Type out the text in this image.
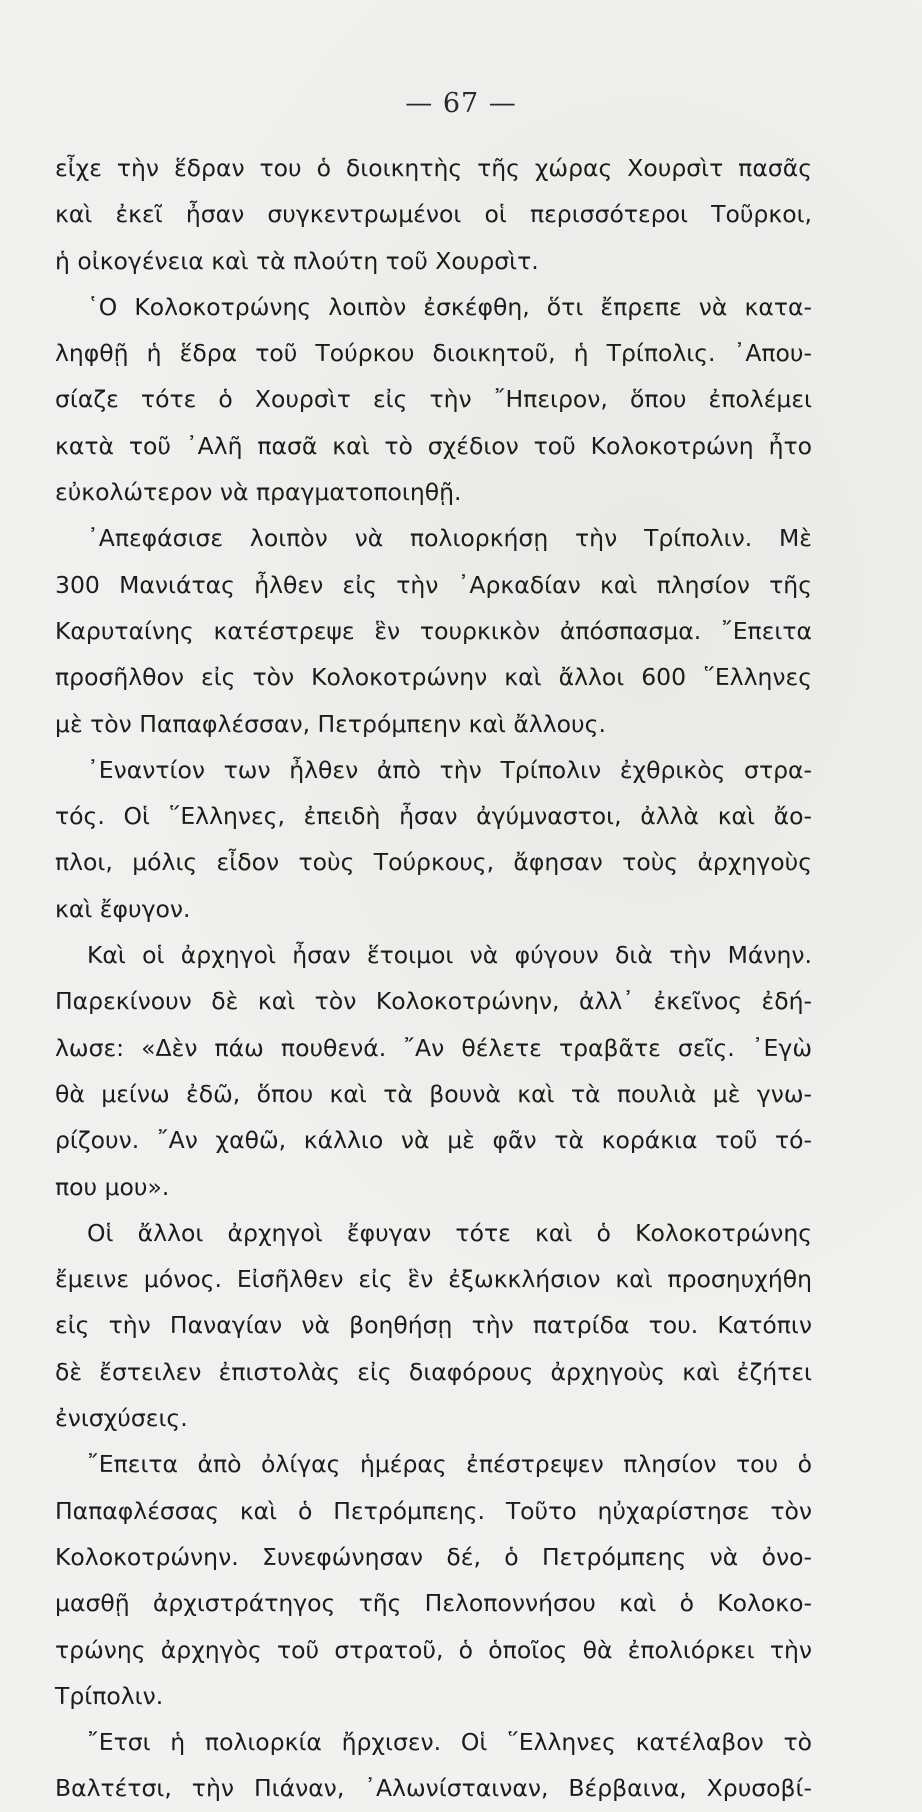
— 67 —
εἶχε τὴν ἕδραν του ὁ διοικητὴς τῆς χώρας Χουρσὶτ πασᾶς
καὶ ἐκεῖ ἦσαν συγκεντρωμένοι οἱ περισσότεροι Τοῦρκοι,
ἡ οἰκογένεια καὶ τὰ πλούτη τοῦ Χουρσὶτ.
῾Ο Κολοκοτρώνης λοιπὸν ἐσκέφθη, ὅτι ἔπρεπε νὰ κατα-
ληφθῇ ἡ ἕδρα τοῦ Τούρκου διοικητοῦ, ἡ Τρίπολις. ᾿Απου-
σίαζε τότε ὁ Χουρσὶτ εἰς τὴν ῎Ηπειρον, ὅπου ἐπολέμει
κατὰ τοῦ ᾿Αλῆ πασᾶ καὶ τὸ σχέδιον τοῦ Κολοκοτρώνη ἦτο
εὐκολώτερον νὰ πραγματοποιηθῇ.
᾿Απεφάσισε λοιπὸν νὰ πολιορκήσῃ τὴν Τρίπολιν. Μὲ
300 Μανιάτας ἦλθεν εἰς τὴν ᾿Αρκαδίαν καὶ πλησίον τῆς
Καρυταίνης κατέστρεψε ἓν τουρκικὸν ἀπόσπασμα. ῎Επειτα
προσῆλθον εἰς τὸν Κολοκοτρώνην καὶ ἄλλοι 600 ῞Ελληνες
μὲ τὸν Παπαφλέσσαν, Πετρόμπεην καὶ ἄλλους.
᾿Εναντίον των ἦλθεν ἀπὸ τὴν Τρίπολιν ἐχθρικὸς στρα-
τός. Οἱ ῞Ελληνες, ἐπειδὴ ἦσαν ἀγύμναστοι, ἀλλὰ καὶ ἄο-
πλοι, μόλις εἶδον τοὺς Τούρκους, ἄφησαν τοὺς ἀρχηγοὺς
καὶ ἔφυγον.
Καὶ οἱ ἀρχηγοὶ ἦσαν ἕτοιμοι νὰ φύγουν διὰ τὴν Μάνην.
Παρεκίνουν δὲ καὶ τὸν Κολοκοτρώνην, ἀλλ᾿ ἐκεῖνος ἐδή-
λωσε: «Δὲν πάω πουθενά. ῎Αν θέλετε τραβᾶτε σεῖς. ᾿Εγὼ
θὰ μείνω ἐδῶ, ὅπου καὶ τὰ βουνὰ καὶ τὰ πουλιὰ μὲ γνω-
ρίζουν. ῎Αν χαθῶ, κάλλιο νὰ μὲ φᾶν τὰ κοράκια τοῦ τό-
που μου».
Οἱ ἄλλοι ἀρχηγοὶ ἔφυγαν τότε καὶ ὁ Κολοκοτρώνης
ἔμεινε μόνος. Εἰσῆλθεν εἰς ἓν ἐξωκκλήσιον καὶ προσηυχήθη
εἰς τὴν Παναγίαν νὰ βοηθήσῃ τὴν πατρίδα του. Κατόπιν
δὲ ἔστειλεν ἐπιστολὰς εἰς διαφόρους ἀρχηγοὺς καὶ ἐζήτει
ἐνισχύσεις.
῎Επειτα ἀπὸ ὀλίγας ἡμέρας ἐπέστρεψεν πλησίον του ὁ
Παπαφλέσσας καὶ ὁ Πετρόμπεης. Τοῦτο ηὐχαρίστησε τὸν
Κολοκοτρώνην. Συνεφώνησαν δέ, ὁ Πετρόμπεης νὰ ὀνο-
μασθῇ ἀρχιστράτηγος τῆς Πελοποννήσου καὶ ὁ Κολοκο-
τρώνης ἀρχηγὸς τοῦ στρατοῦ, ὁ ὁποῖος θὰ ἐπολιόρκει τὴν
Τρίπολιν.
῎Ετσι ἡ πολιορκία ἤρχισεν. Οἱ ῞Ελληνες κατέλαβον τὸ
Βαλτέτσι, τὴν Πιάναν, ᾿Αλωνίσταιναν, Βέρβαινα, Χρυσοβί-
